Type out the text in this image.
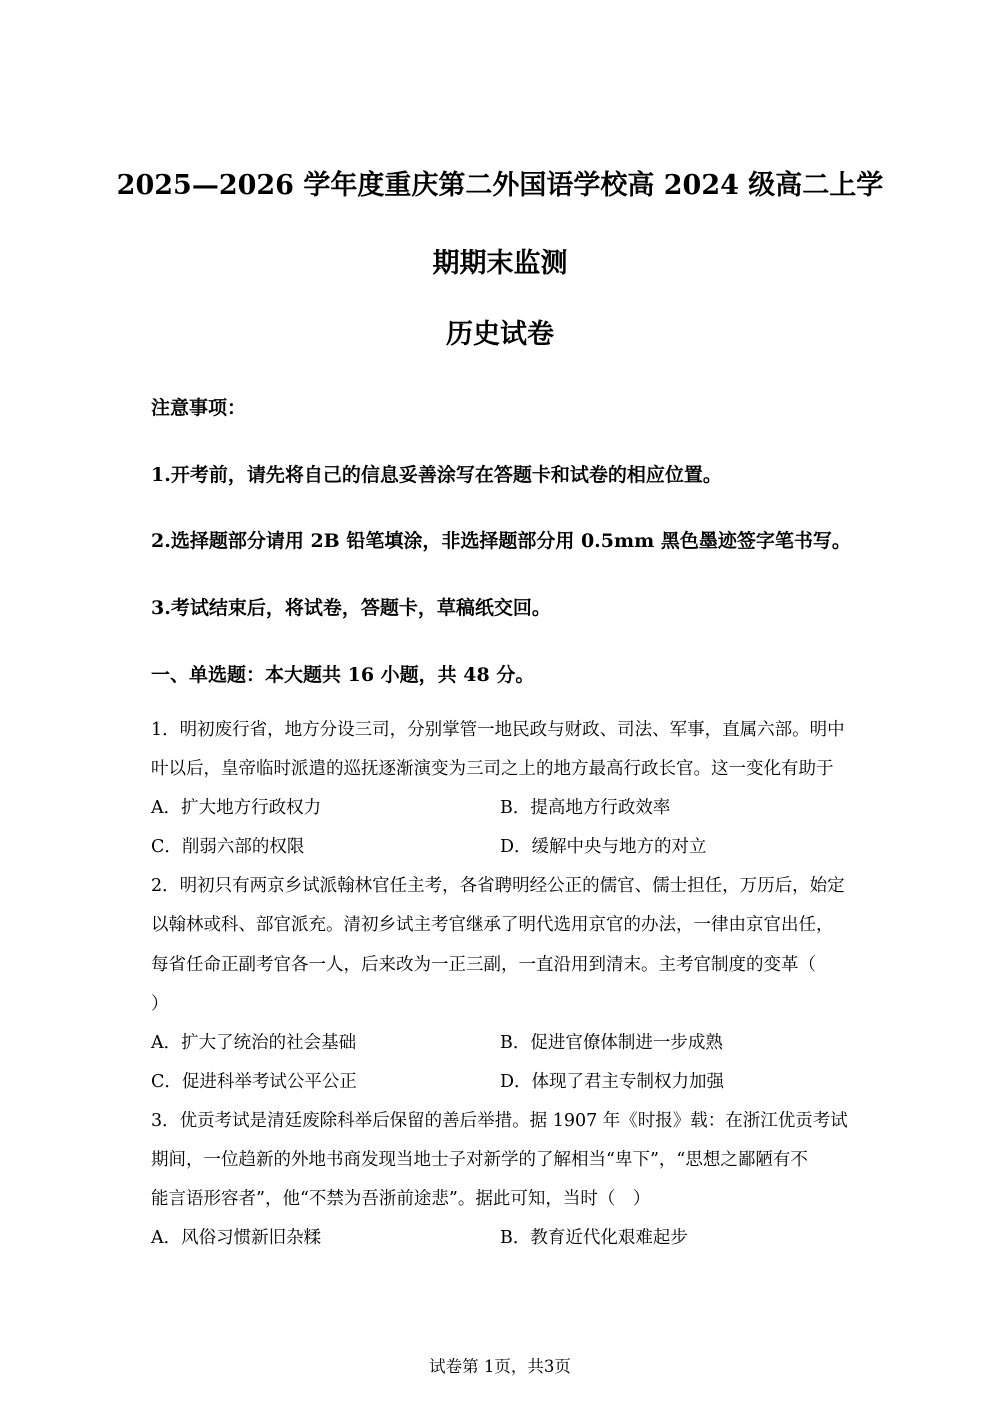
2025—2026 学年度重庆第二外国语学校高 2024 级高二上学
期期末监测
历史试卷
注意事项：
1.开考前，请先将自己的信息妥善涂写在答题卡和试卷的相应位置。
2.选择题部分请用 2B 铅笔填涂，非选择题部分用 0.5mm 黑色墨迹签字笔书写。
3.考试结束后，将试卷，答题卡，草稿纸交回。
一、单选题：本大题共 16 小题，共 48 分。
1．明初废行省，地方分设三司，分别掌管一地民政与财政、司法、军事，直属六部。明中
叶以后，皇帝临时派遣的巡抚逐渐演变为三司之上的地方最高行政长官。这一变化有助于
A．扩大地方行政权力	B．提高地方行政效率
C．削弱六部的权限	D．缓解中央与地方的对立
2．明初只有两京乡试派翰林官任主考，各省聘明经公正的儒官、儒士担任，万历后，始定
以翰林或科、部官派充。清初乡试主考官继承了明代选用京官的办法，一律由京官出任，
每省任命正副考官各一人，后来改为一正三副，一直沿用到清末。主考官制度的变革（
）
A．扩大了统治的社会基础	B．促进官僚体制进一步成熟
C．促进科举考试公平公正	D．体现了君主专制权力加强
3．优贡考试是清廷废除科举后保留的善后举措。据 1907 年《时报》载：在浙江优贡考试
期间，一位趋新的外地书商发现当地士子对新学的了解相当“卑下”，“思想之鄙陋有不
能言语形容者”，他“不禁为吾浙前途悲”。据此可知，当时（　）
A．风俗习惯新旧杂糅	B．教育近代化艰难起步
试卷第 1页，共3页
